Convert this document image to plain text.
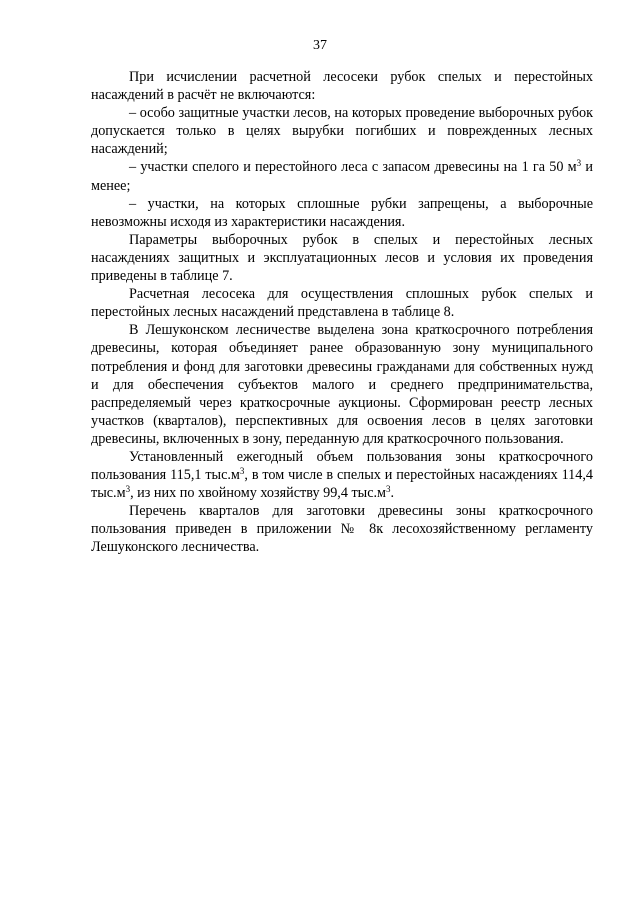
37

При исчислении расчетной лесосеки рубок спелых и перестойных насаждений в расчёт не включаются:

– особо защитные участки лесов, на которых проведение выборочных рубок допускается только в целях вырубки погибших и поврежденных лесных насаждений;

– участки спелого и перестойного леса с запасом древесины на 1 га 50 $м^3$ и менее;

– участки, на которых сплошные рубки запрещены, а выборочные невозможны исходя из характеристики насаждения.

Параметры выборочных рубок в спелых и перестойных лесных насаждениях защитных и эксплуатационных лесов и условия их проведения приведены в таблице 7.

Расчетная лесосека для осуществления сплошных рубок спелых и перестойных лесных насаждений представлена в таблице 8.

В Лешуконском лесничестве выделена зона краткосрочного потребления древесины, которая объединяет ранее образованную зону муниципального потребления и фонд для заготовки древесины гражданами для собственных нужд и для обеспечения субъектов малого и среднего предпринимательства, распределяемый через краткосрочные аукционы. Сформирован реестр лесных участков (кварталов), перспективных для освоения лесов в целях заготовки древесины, включенных в зону, переданную для краткосрочного пользования.

Установленный ежегодный объем пользования зоны краткосрочного пользования 115,1 $тыс.м^3$, в том числе в спелых и перестойных насаждениях 114,4 $тыс.м^3$, из них по хвойному хозяйству 99,4 $тыс.м^3$.

Перечень кварталов для заготовки древесины зоны краткосрочного пользования приведен в приложении № 8к лесохозяйственному регламенту Лешуконского лесничества.
